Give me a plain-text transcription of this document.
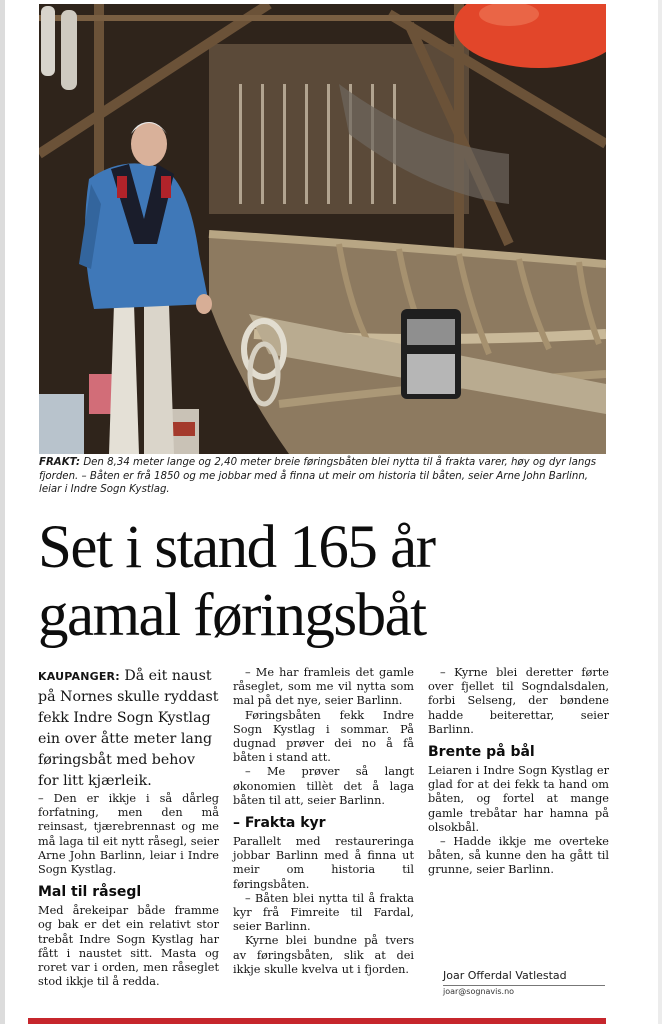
FRAKT: Den 8,34 meter lange og 2,40 meter breie føringsbåten blei nytta til å frakta varer, høy og dyr langs fjorden. – Båten er frå 1850 og me jobbar med å finna ut meir om historia til båten, seier Arne John Barlinn, leiar i Indre Sogn Kystlag.
Set i stand 165 år
gamal føringsbåt

KAUPANGER: Då eit naust på Nornes skulle ryddast fekk Indre Sogn Kystlag ein over åtte meter lang føringsbåt med behov for litt kjærleik.

– Den er ikkje i så dårleg forfatning, men den må reinsast, tjærebrennast og me må laga til eit nytt råsegl, seier Arne John Barlinn, leiar i Indre Sogn Kystlag.

Mal til råsegl

Med årekeipar både framme og bak er det ein relativt stor trebåt Indre Sogn Kystlag har fått i naustet sitt. Masta og roret var i orden, men råseglet stod ikkje til å redda.

– Me har framleis det gamle råseglet, som me vil nytta som mal på det nye, seier Barlinn.

Føringsbåten fekk Indre Sogn Kystlag i sommar. På dugnad prøver dei no å få båten i stand att.

– Me prøver så langt økonomien tillèt det å laga båten til att, seier Barlinn.

– Frakta kyr

Parallelt med restaureringa jobbar Barlinn med å finna ut meir om historia til føringsbåten.

– Båten blei nytta til å frakta kyr frå Fimreite til Fardal, seier Barlinn.

Kyrne blei bundne på tvers av føringsbåten, slik at dei ikkje skulle kvelva ut i fjorden.

– Kyrne blei deretter førte over fjellet til Sogndalsdalen, forbi Selseng, der bøndene hadde beiterettar, seier Barlinn.

Brente på bål

Leiaren i Indre Sogn Kystlag er glad for at dei fekk ta hand om båten, og fortel at mange gamle trebåtar har hamna på olsokbål.

– Hadde ikkje me overteke båten, så kunne den ha gått til grunne, seier Barlinn.

Joar Offerdal Vatlestad
joar@sognavis.no
